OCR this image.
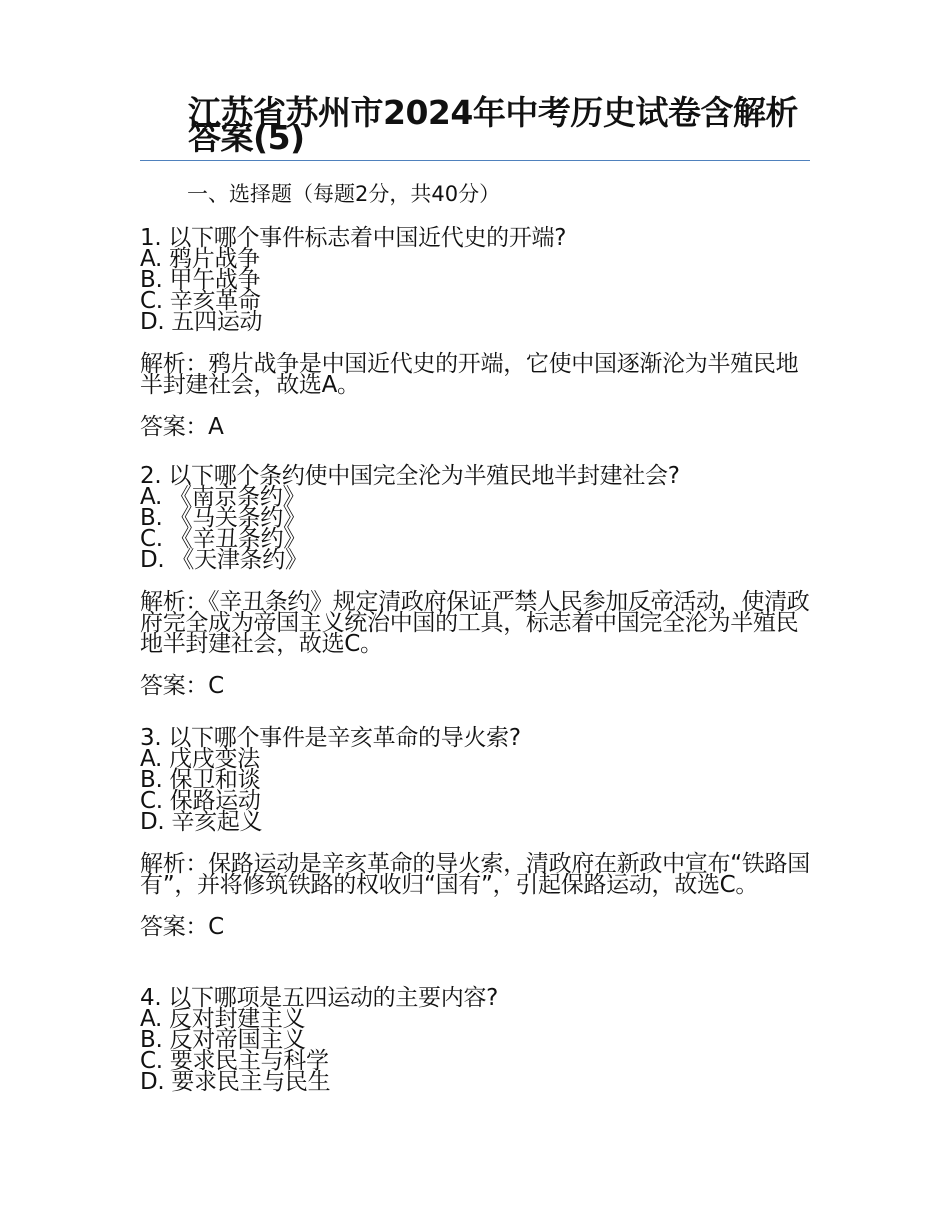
江苏省苏州市2024年中考历史试卷含解析答案(5)
一、选择题（每题2分，共40分）
1. 以下哪个事件标志着中国近代史的开端?
A. 鸦片战争
B. 甲午战争
C. 辛亥革命
D. 五四运动
解析：鸦片战争是中国近代史的开端，它使中国逐渐沦为半殖民地半封建社会，故选A。
答案：A
2. 以下哪个条约使中国完全沦为半殖民地半封建社会?
A. 《南京条约》
B. 《马关条约》
C. 《辛丑条约》
D. 《天津条约》
解析：《辛丑条约》规定清政府保证严禁人民参加反帝活动，使清政府完全成为帝国主义统治中国的工具，标志着中国完全沦为半殖民地半封建社会，故选C。
答案：C
3. 以下哪个事件是辛亥革命的导火索?
A. 戊戌变法
B. 保卫和谈
C. 保路运动
D. 辛亥起义
解析：保路运动是辛亥革命的导火索，清政府在新政中宣布“铁路国有”，并将修筑铁路的权收归“国有”，引起保路运动，故选C。
答案：C
4. 以下哪项是五四运动的主要内容?
A. 反对封建主义
B. 反对帝国主义
C. 要求民主与科学
D. 要求民主与民生
